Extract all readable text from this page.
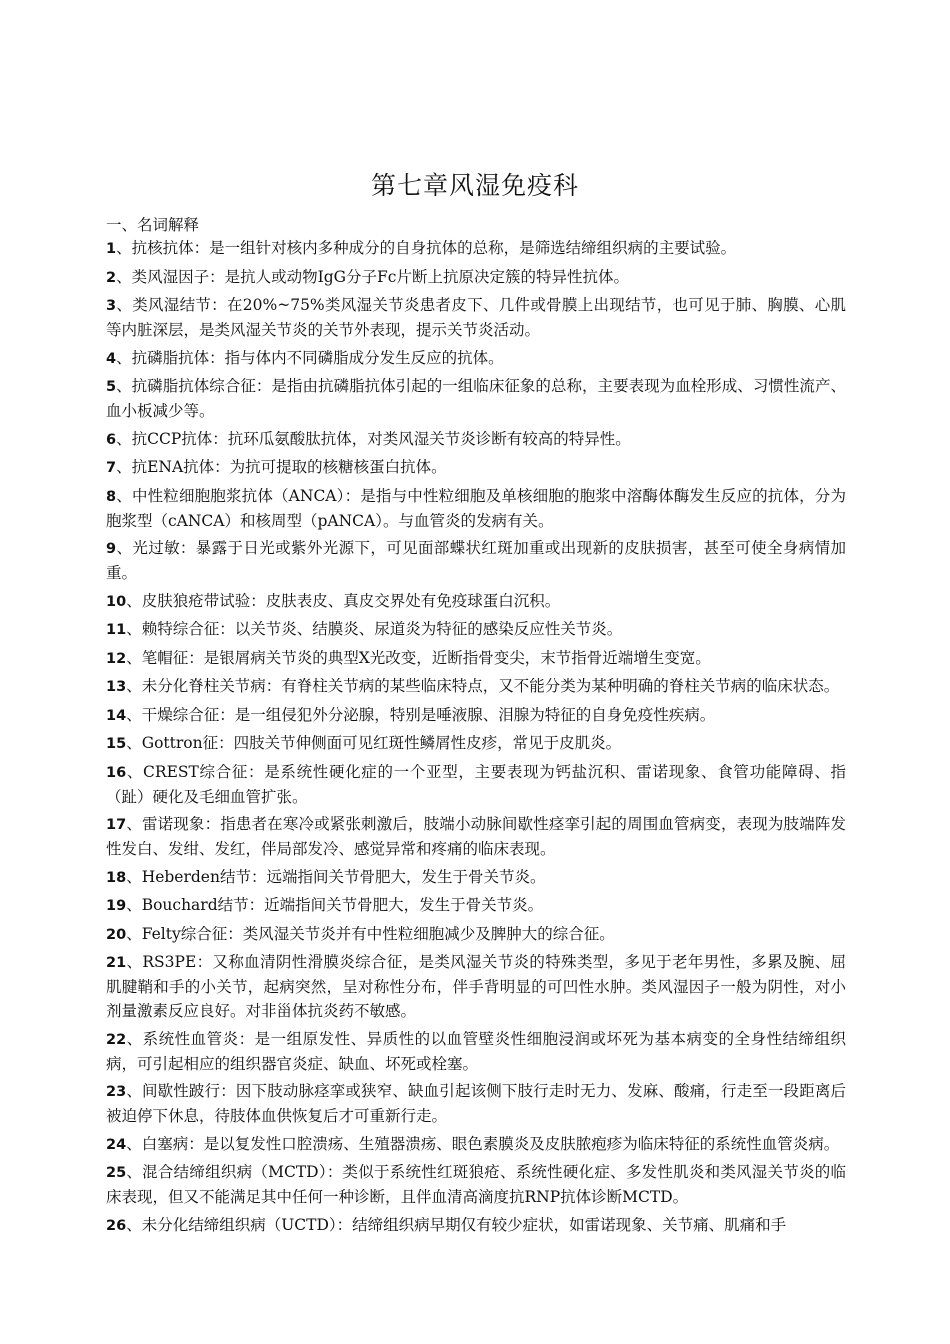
第七章风湿免疫科
一、名词解释
1、抗核抗体：是一组针对核内多种成分的自身抗体的总称，是筛选结缔组织病的主要试验。
2、类风湿因子：是抗人或动物IgG分子Fc片断上抗原决定簇的特异性抗体。
3、类风湿结节：在20%~75%类风湿关节炎患者皮下、几件或骨膜上出现结节，也可见于肺、胸膜、心肌等内脏深层，是类风湿关节炎的关节外表现，提示关节炎活动。
4、抗磷脂抗体：指与体内不同磷脂成分发生反应的抗体。
5、抗磷脂抗体综合征：是指由抗磷脂抗体引起的一组临床征象的总称，主要表现为血栓形成、习惯性流产、血小板减少等。
6、抗CCP抗体：抗环瓜氨酸肽抗体，对类风湿关节炎诊断有较高的特异性。
7、抗ENA抗体：为抗可提取的核糖核蛋白抗体。
8、中性粒细胞胞浆抗体（ANCA）：是指与中性粒细胞及单核细胞的胞浆中溶酶体酶发生反应的抗体，分为胞浆型（cANCA）和核周型（pANCA）。与血管炎的发病有关。
9、光过敏：暴露于日光或紫外光源下，可见面部蝶状红斑加重或出现新的皮肤损害，甚至可使全身病情加重。
10、皮肤狼疮带试验：皮肤表皮、真皮交界处有免疫球蛋白沉积。
11、赖特综合征：以关节炎、结膜炎、尿道炎为特征的感染反应性关节炎。
12、笔帽征：是银屑病关节炎的典型X光改变，近断指骨变尖，末节指骨近端增生变宽。
13、未分化脊柱关节病：有脊柱关节病的某些临床特点，又不能分类为某种明确的脊柱关节病的临床状态。
14、干燥综合征：是一组侵犯外分泌腺，特别是唾液腺、泪腺为特征的自身免疫性疾病。
15、Gottron征：四肢关节伸侧面可见红斑性鳞屑性皮疹，常见于皮肌炎。
16、CREST综合征：是系统性硬化症的一个亚型，主要表现为钙盐沉积、雷诺现象、食管功能障碍、指（趾）硬化及毛细血管扩张。
17、雷诺现象：指患者在寒冷或紧张刺激后，肢端小动脉间歇性痉挛引起的周围血管病变，表现为肢端阵发性发白、发绀、发红，伴局部发冷、感觉异常和疼痛的临床表现。
18、Heberden结节：远端指间关节骨肥大，发生于骨关节炎。
19、Bouchard结节：近端指间关节骨肥大，发生于骨关节炎。
20、Felty综合征：类风湿关节炎并有中性粒细胞减少及脾肿大的综合征。
21、RS3PE：又称血清阴性滑膜炎综合征，是类风湿关节炎的特殊类型，多见于老年男性，多累及腕、屈肌腱鞘和手的小关节，起病突然，呈对称性分布，伴手背明显的可凹性水肿。类风湿因子一般为阴性，对小剂量激素反应良好。对非甾体抗炎药不敏感。
22、系统性血管炎：是一组原发性、异质性的以血管壁炎性细胞浸润或坏死为基本病变的全身性结缔组织病，可引起相应的组织器官炎症、缺血、坏死或栓塞。
23、间歇性跛行：因下肢动脉痉挛或狭窄、缺血引起该侧下肢行走时无力、发麻、酸痛，行走至一段距离后被迫停下休息，待肢体血供恢复后才可重新行走。
24、白塞病：是以复发性口腔溃疡、生殖器溃疡、眼色素膜炎及皮肤脓疱疹为临床特征的系统性血管炎病。
25、混合结缔组织病（MCTD）：类似于系统性红斑狼疮、系统性硬化症、多发性肌炎和类风湿关节炎的临床表现，但又不能满足其中任何一种诊断，且伴血清高滴度抗RNP抗体诊断MCTD。
26、未分化结缔组织病（UCTD）：结缔组织病早期仅有较少症状，如雷诺现象、关节痛、肌痛和手
